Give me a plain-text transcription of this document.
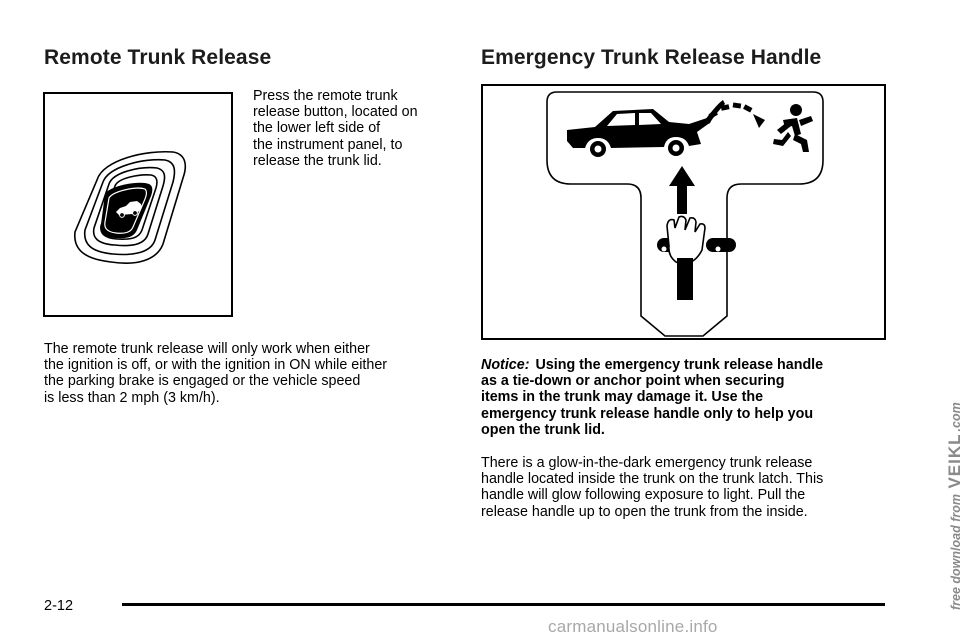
Remote Trunk Release
Press the remote trunk
release button, located on
the lower left side of
the instrument panel, to
release the trunk lid.
The remote trunk release will only work when either
the ignition is off, or with the ignition in ON while either
the parking brake is engaged or the vehicle speed
is less than 2 mph (3 km/h).
Emergency Trunk Release Handle
Notice: Using the emergency trunk release handle
as a tie-down or anchor point when securing
items in the trunk may damage it. Use the
emergency trunk release handle only to help you
open the trunk lid.
There is a glow-in-the-dark emergency trunk release
handle located inside the trunk on the trunk latch. This
handle will glow following exposure to light. Pull the
release handle up to open the trunk from the inside.
2-12	free download from VEIKL.com
carmanualsonline.info
